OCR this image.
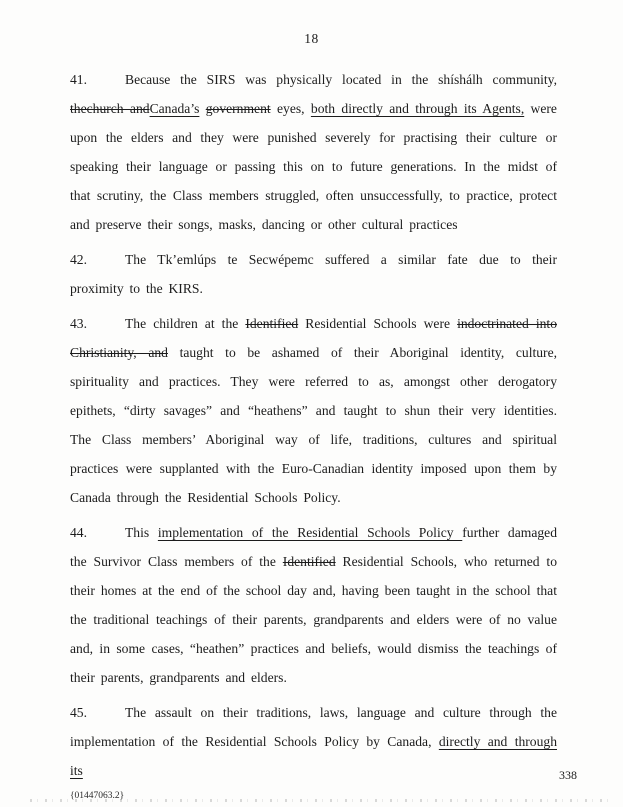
18

41.	Because the SIRS was physically located in the shíshálh community, thechurch andCanada’s government eyes, both directly and through its Agents, were upon the elders and they were punished severely for practising their culture or speaking their language or passing this on to future generations. In the midst of that scrutiny, the Class members struggled, often unsuccessfully, to practice, protect and preserve their songs, masks, dancing or other cultural practices

42.	The Tk’emlúps te Secwépemc suffered a similar fate due to their proximity to the KIRS.

43.	The children at the Identified Residential Schools were indoctrinated into Christianity, and taught to be ashamed of their Aboriginal identity, culture, spirituality and practices. They were referred to as, amongst other derogatory epithets, “dirty savages” and “heathens” and taught to shun their very identities. The Class members’ Aboriginal way of life, traditions, cultures and spiritual practices were supplanted with the Euro-Canadian identity imposed upon them by Canada through the Residential Schools Policy.

44.	This implementation of the Residential Schools Policy further damaged the Survivor Class members of the Identified Residential Schools, who returned to their homes at the end of the school day and, having been taught in the school that the traditional teachings of their parents, grandparents and elders were of no value and, in some cases, “heathen” practices and beliefs, would dismiss the teachings of their parents, grandparents and elders.

45.	The assault on their traditions, laws, language and culture through the implementation of the Residential Schools Policy by Canada, directly and through its

{01447063.2}
338
